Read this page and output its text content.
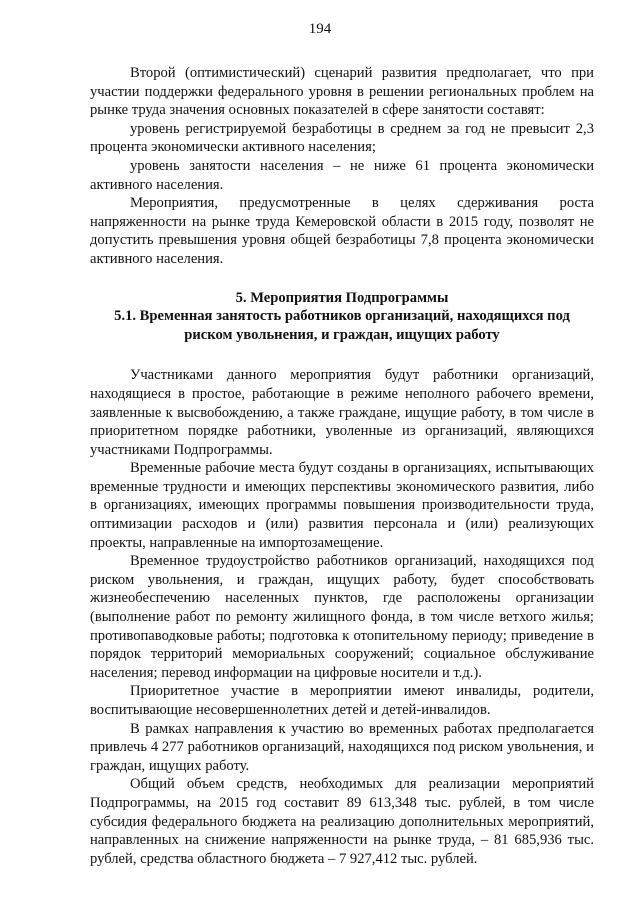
194

Второй (оптимистический) сценарий развития предполагает, что при участии поддержки федерального уровня в решении региональных проблем на рынке труда значения основных показателей в сфере занятости составят:

уровень регистрируемой безработицы в среднем за год не превысит 2,3 процента экономически активного населения;

уровень занятости населения – не ниже 61 процента экономически активного населения.

Мероприятия, предусмотренные в целях сдерживания роста напряженности на рынке труда Кемеровской области в 2015 году, позволят не допустить превышения уровня общей безработицы 7,8 процента экономически активного населения.

5. Мероприятия Подпрограммы
5.1. Временная занятость работников организаций, находящихся под риском увольнения, и граждан, ищущих работу

Участниками данного мероприятия будут работники организаций, находящиеся в простое, работающие в режиме неполного рабочего времени, заявленные к высвобождению, а также граждане, ищущие работу, в том числе в приоритетном порядке работники, уволенные из организаций, являющихся участниками Подпрограммы.

Временные рабочие места будут созданы в организациях, испытывающих временные трудности и имеющих перспективы экономического развития, либо в организациях, имеющих программы повышения производительности труда, оптимизации расходов и (или) развития персонала и (или) реализующих проекты, направленные на импортозамещение.

Временное трудоустройство работников организаций, находящихся под риском увольнения, и граждан, ищущих работу, будет способствовать жизнеобеспечению населенных пунктов, где расположены организации (выполнение работ по ремонту жилищного фонда, в том числе ветхого жилья; противопаводковые работы; подготовка к отопительному периоду; приведение в порядок территорий мемориальных сооружений; социальное обслуживание населения; перевод информации на цифровые носители и т.д.).

Приоритетное участие в мероприятии имеют инвалиды, родители, воспитывающие несовершеннолетних детей и детей-инвалидов.

В рамках направления к участию во временных работах предполагается привлечь 4 277 работников организаций, находящихся под риском увольнения, и граждан, ищущих работу.

Общий объем средств, необходимых для реализации мероприятий Подпрограммы, на 2015 год составит 89 613,348 тыс. рублей, в том числе субсидия федерального бюджета на реализацию дополнительных мероприятий, направленных на снижение напряженности на рынке труда, – 81 685,936 тыс. рублей, средства областного бюджета – 7 927,412 тыс. рублей.
